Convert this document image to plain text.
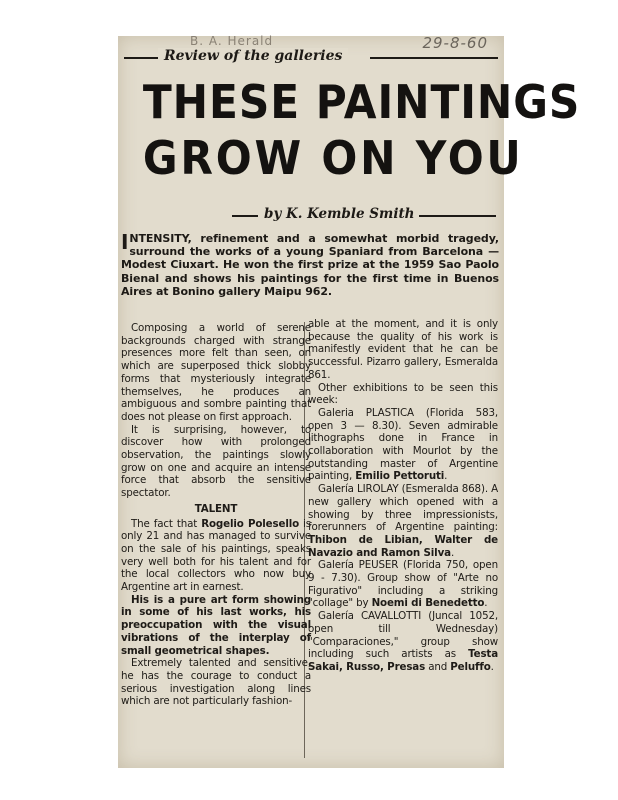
B. A. Herald	29-8-60
Review of the galleries
THESE PAINTINGS
GROW ON YOU
by K. Kemble Smith
INTENSITY, refinement and a somewhat morbid tragedy, surround the works of a young Spaniard from Barcelona — Modest Ciuxart. He won the first prize at the 1959 Sao Paolo Bienal and shows his paintings for the first time in Buenos Aires at Bonino gallery Maipu 962.

Composing a world of serene backgrounds charged with strange presences more felt than seen, on which are superposed thick slobby forms that mysteriously integrate themselves, he produces an ambiguous and sombre painting that does not please on first approach.

It is surprising, however, to discover how with prolonged observation, the paintings slowly grow on one and acquire an intense force that absorb the sensitive spectator.

TALENT

The fact that Rogelio Polesello is only 21 and has managed to survive on the sale of his paintings, speaks very well both for his talent and for the local collectors who now buy Argentine art in earnest.

His is a pure art form showing in some of his last works, his preoccupation with the visual vibrations of the interplay of small geometrical shapes.

Extremely talented and sensitive, he has the courage to conduct a serious investigation along lines which are not particularly fashion-

able at the moment, and it is only because the quality of his work is manifestly evident that he can be successful. Pizarro gallery, Esmeralda 861.

Other exhibitions to be seen this week:

Galeria PLASTICA (Florida 583, open 3 — 8.30). Seven admirable lithographs done in France in collaboration with Mourlot by the outstanding master of Argentine painting, Emilio Pettoruti.

Galería LIROLAY (Esmeralda 868). A new gallery which opened with a showing by three impressionists, forerunners of Argentine painting: Thibon de Libian, Walter de Navazio and Ramon Silva.

Galería PEUSER (Florida 750, open 9 - 7.30). Group show of "Arte no Figurativo" including a striking "collage" by Noemi di Benedetto.

Galería CAVALLOTTI (Juncal 1052, open till Wednesday) "Comparaciones," group show including such artists as Testa Sakai, Russo, Presas and Peluffo.
